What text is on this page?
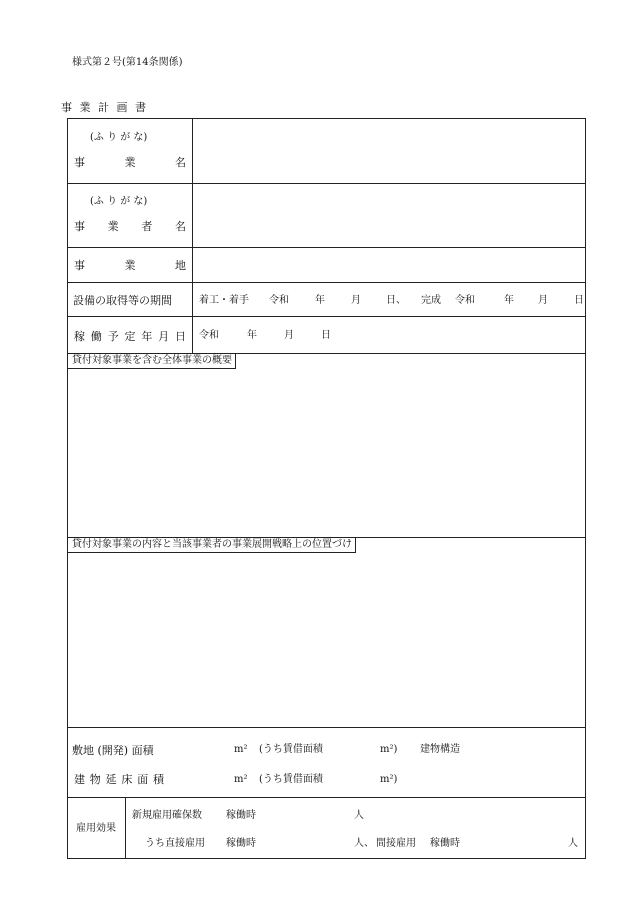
様式第２号(第14条関係)
事 業 計 画 書
(ふ り が な)
事	業	名
(ふ り が な)
事 業 者 名
事	業	地
設備の取得等の期間	着工・着手 令和	年	月	日、 完成 令和	年 月	日
稼 働 予 定 年 月 日 令和	年	月	日
貸付対象事業を含む全体事業の概要
貸付対象事業の内容と当該事業者の事業展開戦略上の位置づけ
敷地 (開発) 面積	m² (うち賃借面積	m²) 建物構造
建 物 延 床 面 積	m² (うち賃借面積	m²)
雇用効果
新規雇用確保数 稼働時	人
うち直接雇用 稼働時	人、 間接雇用 稼働時	人
